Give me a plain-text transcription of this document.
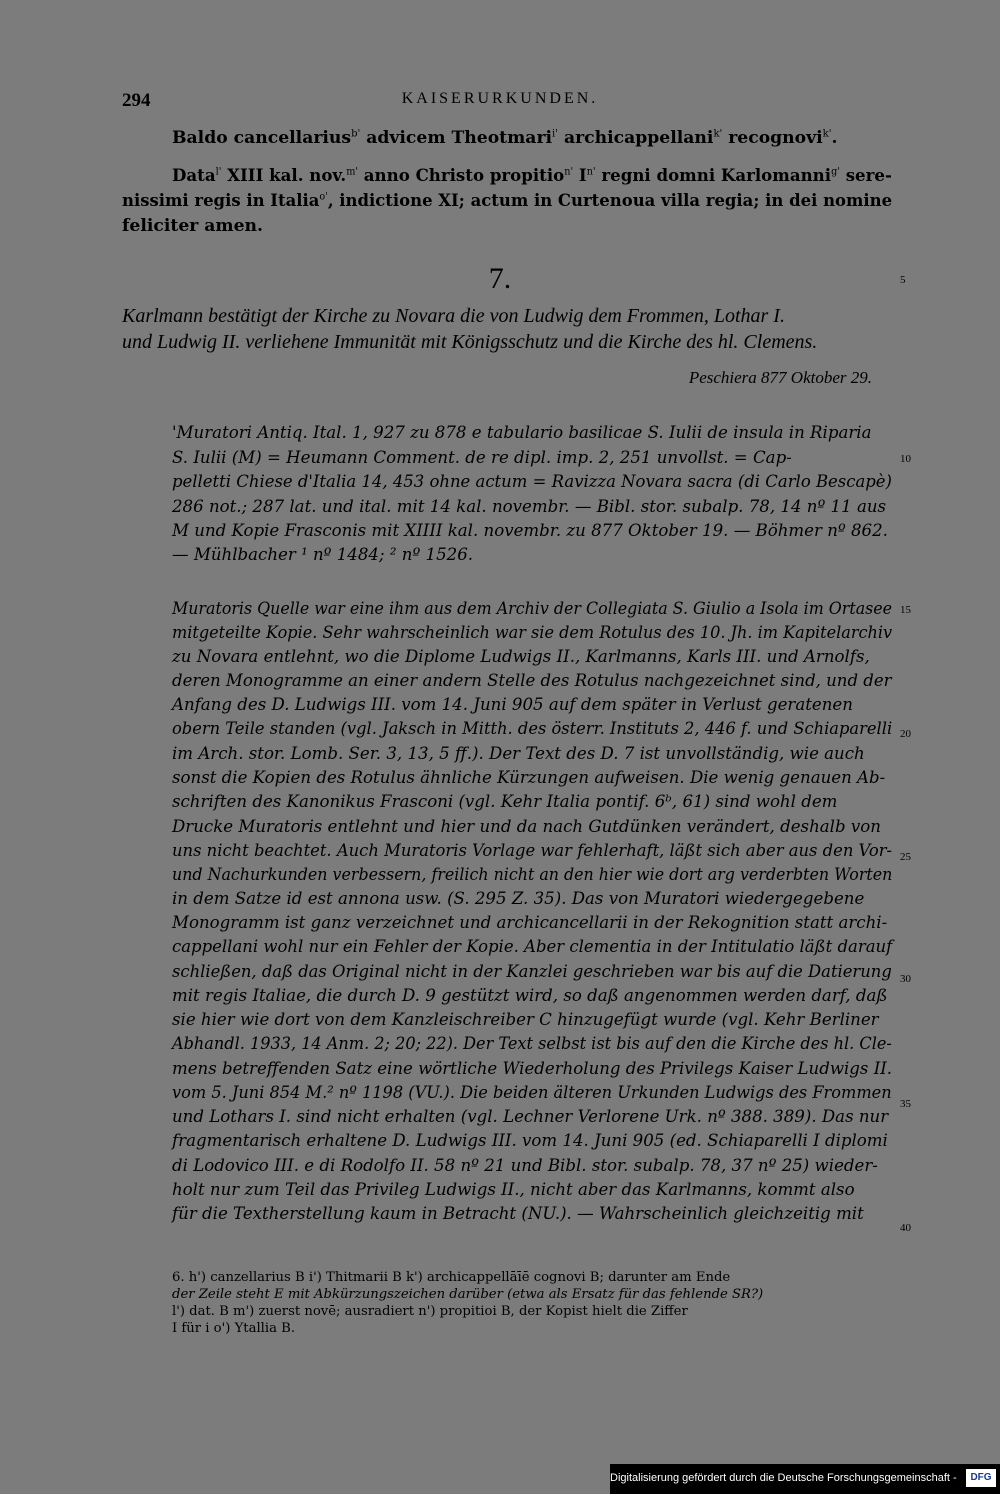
294	KAISERURKUNDEN.
Baldo cancellarius$^{b'}$ advicem Theotmari$^{i'}$ archicappellani$^{k'}$ recognovi$^{k'}$.
Data$^{l'}$ XIII kal. nov.$^{m'}$ anno Christo propitio$^{n'}$ $I^{n'}$ regni domni Karlomanni$^{g'}$ sere-
nissimi regis in Italia$^{o'}$, indictione XI; actum in Curtenoua villa regia; in dei nomine
feliciter amen.
7.	5
Karlmann bestätigt der Kirche zu Novara die von Ludwig dem Frommen, Lothar I.
und Ludwig II. verliehene Immunität mit Königsschutz und die Kirche des hl. Clemens.
Peschiera 877 Oktober 29.
'Muratori Antiq. Ital. 1, 927 zu 878 e tabulario basilicae S. Iulii de insula in Riparia
S. Iulii (M) = Heumann Comment. de re dipl. imp. 2, 251 unvollst. = Cap-	10
pelletti Chiese d'Italia 14, 453 ohne actum = Ravizza Novara sacra (di Carlo Bescapè)
286 not.; 287 lat. und ital. mit 14 kal. novembr. — Bibl. stor. subalp. 78, 14 nº 11 aus
M und Kopie Frasconis mit XIIII kal. novembr. zu 877 Oktober 19. — Böhmer nº 862.
— Mühlbacher ¹ nº 1484; ² nº 1526.
Muratoris Quelle war eine ihm aus dem Archiv der Collegiata S. Giulio a Isola im Ortasee 15
mitgeteilte Kopie. Sehr wahrscheinlich war sie dem Rotulus des 10. Jh. im Kapitelarchiv
zu Novara entlehnt, wo die Diplome Ludwigs II., Karlmanns, Karls III. und Arnolfs,
deren Monogramme an einer andern Stelle des Rotulus nachgezeichnet sind, und der
Anfang des D. Ludwigs III. vom 14. Juni 905 auf dem später in Verlust geratenen
obern Teile standen (vgl. Jaksch in Mitth. des österr. Instituts 2, 446 f. und Schiaparelli 20
im Arch. stor. Lomb. Ser. 3, 13, 5 ff.). Der Text des D. 7 ist unvollständig, wie auch
sonst die Kopien des Rotulus ähnliche Kürzungen aufweisen. Die wenig genauen Ab-
schriften des Kanonikus Frasconi (vgl. Kehr Italia pontif. 6ᵇ, 61) sind wohl dem
Drucke Muratoris entlehnt und hier und da nach Gutdünken verändert, deshalb von
uns nicht beachtet. Auch Muratoris Vorlage war fehlerhaft, läßt sich aber aus den Vor- 25
und Nachurkunden verbessern, freilich nicht an den hier wie dort arg verderbten Worten
in dem Satze id est annona usw. (S. 295 Z. 35). Das von Muratori wiedergegebene
Monogramm ist ganz verzeichnet und archicancellarii in der Rekognition statt archi-
cappellani wohl nur ein Fehler der Kopie. Aber clementia in der Intitulatio läßt darauf
schließen, daß das Original nicht in der Kanzlei geschrieben war bis auf die Datierung 30
mit regis Italiae, die durch D. 9 gestützt wird, so daß angenommen werden darf, daß
sie hier wie dort von dem Kanzleischreiber C hinzugefügt wurde (vgl. Kehr Berliner
Abhandl. 1933, 14 Anm. 2; 20; 22). Der Text selbst ist bis auf den die Kirche des hl. Cle-
mens betreffenden Satz eine wörtliche Wiederholung des Privilegs Kaiser Ludwigs II.
vom 5. Juni 854 M.² nº 1198 (VU.). Die beiden älteren Urkunden Ludwigs des Frommen
35
und Lothars I. sind nicht erhalten (vgl. Lechner Verlorene Urk. nº 388. 389). Das nur
fragmentarisch erhaltene D. Ludwigs III. vom 14. Juni 905 (ed. Schiaparelli I diplomi
di Lodovico III. e di Rodolfo II. 58 nº 21 und Bibl. stor. subalp. 78, 37 nº 25) wieder-
holt nur zum Teil das Privileg Ludwigs II., nicht aber das Karlmanns, kommt also
für die Textherstellung kaum in Betracht (NU.). — Wahrscheinlich gleichzeitig mit
40
6. h') canzellarius B i') Thitmarii B k') archicappellāīē cognovi B; darunter am Ende
der Zeile steht E mit Abkürzungszeichen darüber (etwa als Ersatz für das fehlende SR?)
l') dat. B m') zuerst novē; ausradiert n') propitioi B, der Kopist hielt die Ziffer
I für i o') Ytallia B.
Digitalisierung gefördert durch die Deutsche Forschungsgemeinschaft -	DFG
